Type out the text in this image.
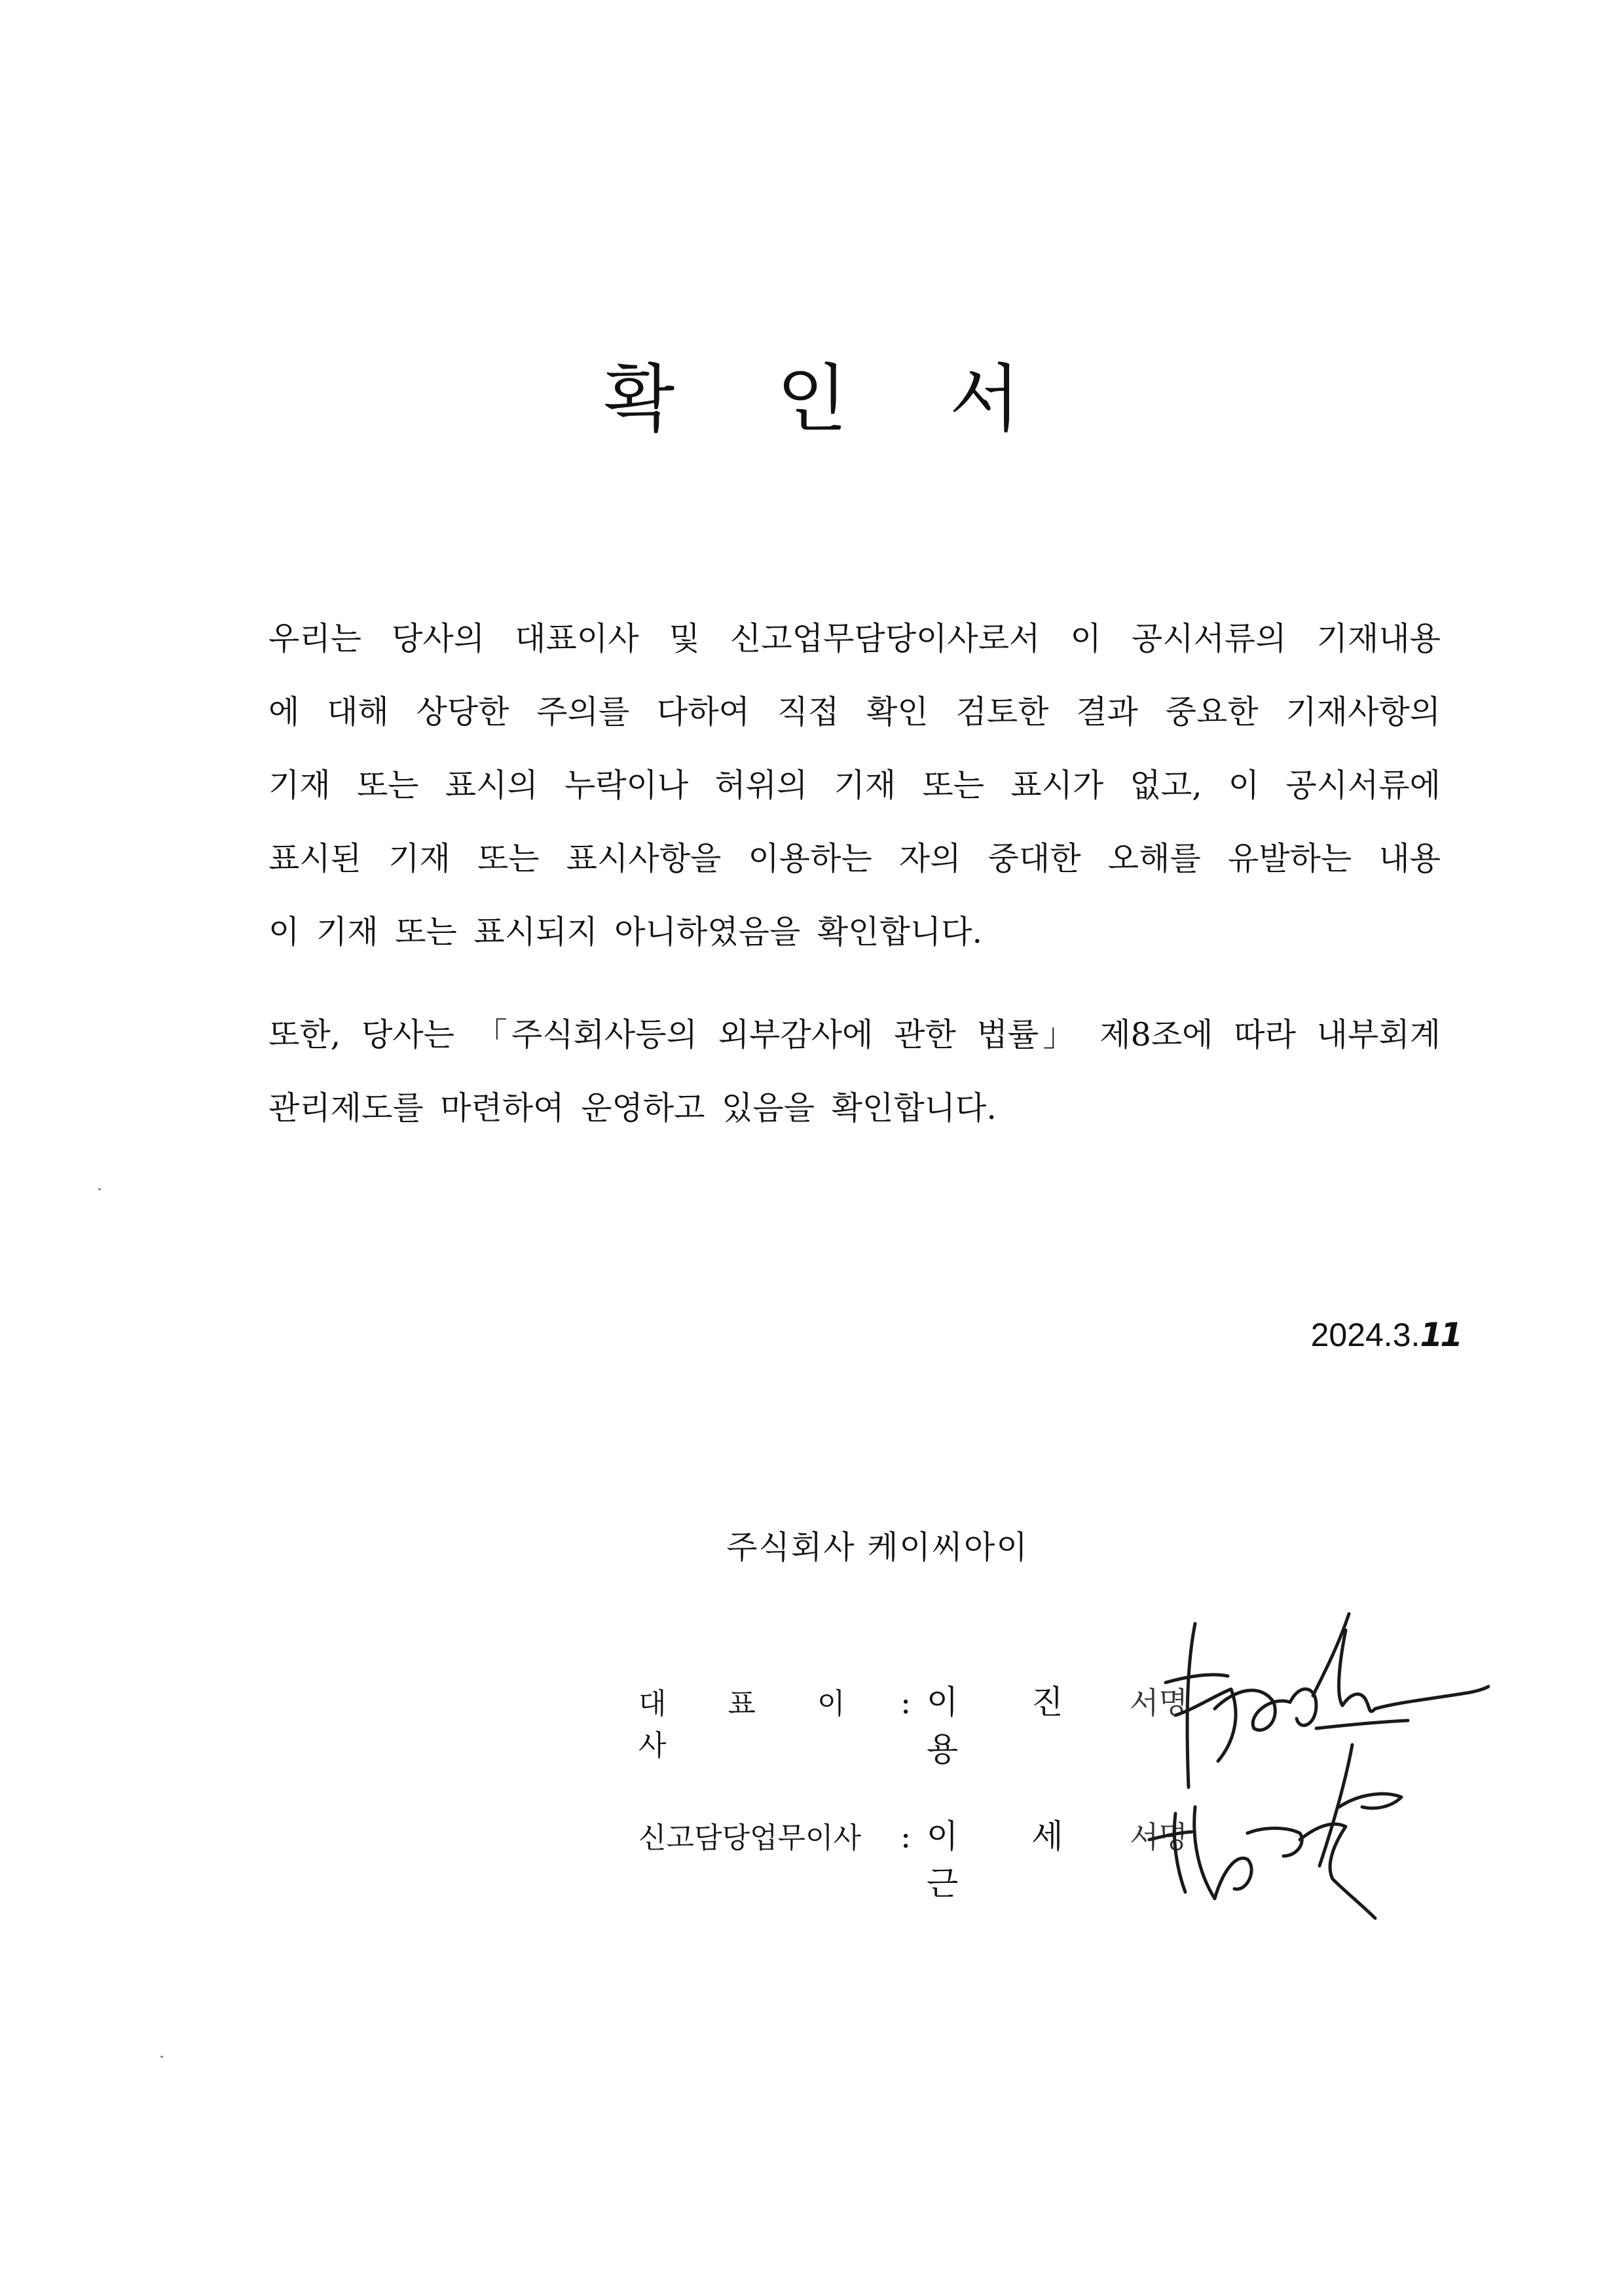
확 인 서
우리는 당사의 대표이사 및 신고업무담당이사로서 이 공시서류의 기재내용
에 대해 상당한 주의를 다하여 직접 확인 검토한 결과 중요한 기재사항의
기재 또는 표시의 누락이나 허위의 기재 또는 표시가 없고, 이 공시서류에
표시된 기재 또는 표시사항을 이용하는 자의 중대한 오해를 유발하는 내용
이 기재 또는 표시되지 아니하였음을 확인합니다.
또한, 당사는 「주식회사등의 외부감사에 관한 법률」 제8조에 따라 내부회계
관리제도를 마련하여 운영하고 있음을 확인합니다.
2024.3.11

주식회사 케이씨아이

대 표 이 사
: 이 진 용
서명
신고담당업무이사	: 이 세 근
서명
